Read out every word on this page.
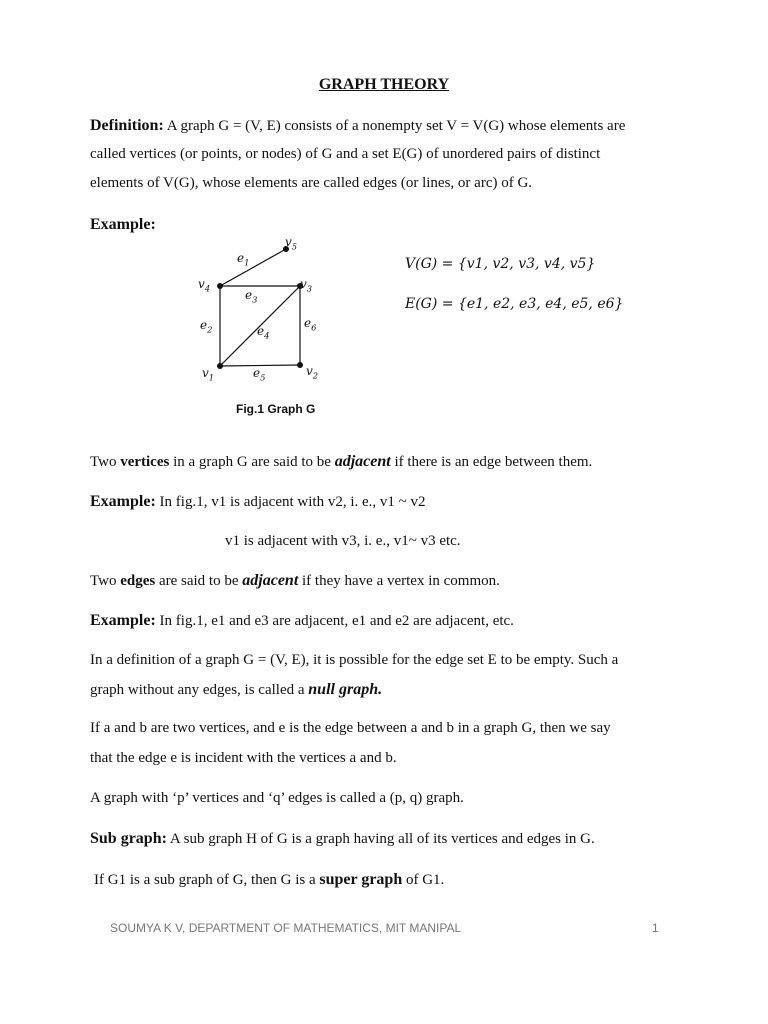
GRAPH THEORY
Definition: A graph G = (V, E) consists of a nonempty set V = V(G) whose elements are
called vertices (or points, or nodes) of G and a set E(G) of unordered pairs of distinct
elements of V(G), whose elements are called edges (or lines, or arc) of G.
Example:
$v_5$
$e_1$
$v_4$	$v_3$
$e_3$
$e_2$	$e_4$
$e_6$
$v_1$	$e_5$	$v_2$
Fig.1 Graph G
V(G) = {v1, v2, v3, v4, v5}
E(G) = {e1, e2, e3, e4, e5, e6}
Two vertices in a graph G are said to be adjacent if there is an edge between them.
Example: In fig.1, v1 is adjacent with v2, i. e., v1 ~ v2
v1 is adjacent with v3, i. e., v1~ v3 etc.
Two edges are said to be adjacent if they have a vertex in common.
Example: In fig.1, e1 and e3 are adjacent, e1 and e2 are adjacent, etc.
In a definition of a graph G = (V, E), it is possible for the edge set E to be empty. Such a
graph without any edges, is called a null graph.
If a and b are two vertices, and e is the edge between a and b in a graph G, then we say
that the edge e is incident with the vertices a and b.
A graph with ‘p’ vertices and ‘q’ edges is called a (p, q) graph.
Sub graph: A sub graph H of G is a graph having all of its vertices and edges in G.
If G1 is a sub graph of G, then G is a super graph of G1.
SOUMYA K V, DEPARTMENT OF MATHEMATICS, MIT MANIPAL	1
